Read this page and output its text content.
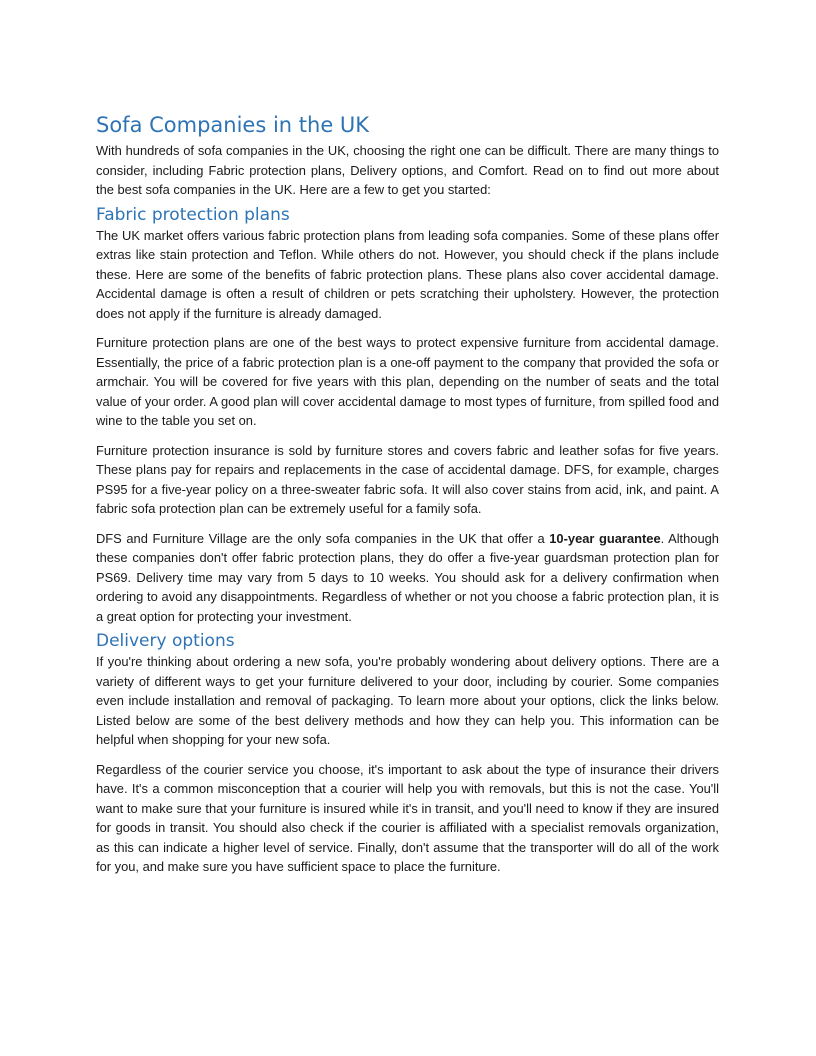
Sofa Companies in the UK

With hundreds of sofa companies in the UK, choosing the right one can be difficult. There are many things to consider, including Fabric protection plans, Delivery options, and Comfort. Read on to find out more about the best sofa companies in the UK. Here are a few to get you started:

Fabric protection plans

The UK market offers various fabric protection plans from leading sofa companies. Some of these plans offer extras like stain protection and Teflon. While others do not. However, you should check if the plans include these. Here are some of the benefits of fabric protection plans. These plans also cover accidental damage. Accidental damage is often a result of children or pets scratching their upholstery. However, the protection does not apply if the furniture is already damaged.

Furniture protection plans are one of the best ways to protect expensive furniture from accidental damage. Essentially, the price of a fabric protection plan is a one-off payment to the company that provided the sofa or armchair. You will be covered for five years with this plan, depending on the number of seats and the total value of your order. A good plan will cover accidental damage to most types of furniture, from spilled food and wine to the table you set on.

Furniture protection insurance is sold by furniture stores and covers fabric and leather sofas for five years. These plans pay for repairs and replacements in the case of accidental damage. DFS, for example, charges PS95 for a five-year policy on a three-sweater fabric sofa. It will also cover stains from acid, ink, and paint. A fabric sofa protection plan can be extremely useful for a family sofa.

DFS and Furniture Village are the only sofa companies in the UK that offer a 10-year guarantee. Although these companies don't offer fabric protection plans, they do offer a five-year guardsman protection plan for PS69. Delivery time may vary from 5 days to 10 weeks. You should ask for a delivery confirmation when ordering to avoid any disappointments. Regardless of whether or not you choose a fabric protection plan, it is a great option for protecting your investment.

Delivery options

If you're thinking about ordering a new sofa, you're probably wondering about delivery options. There are a variety of different ways to get your furniture delivered to your door, including by courier. Some companies even include installation and removal of packaging. To learn more about your options, click the links below. Listed below are some of the best delivery methods and how they can help you. This information can be helpful when shopping for your new sofa.

Regardless of the courier service you choose, it's important to ask about the type of insurance their drivers have. It's a common misconception that a courier will help you with removals, but this is not the case. You'll want to make sure that your furniture is insured while it's in transit, and you'll need to know if they are insured for goods in transit. You should also check if the courier is affiliated with a specialist removals organization, as this can indicate a higher level of service. Finally, don't assume that the transporter will do all of the work for you, and make sure you have sufficient space to place the furniture.
